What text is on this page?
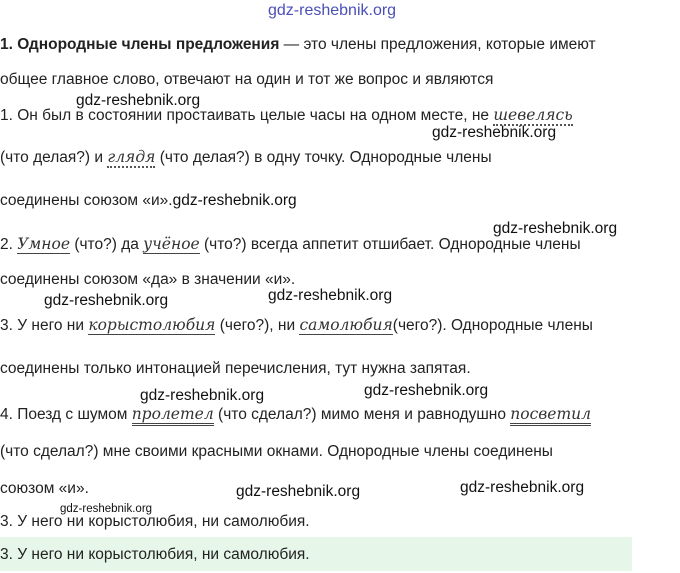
gdz-reshebnik.org
1. Однородные члены предложения — это члены предложения, которые имеют
общее главное слово, отвечают на один и тот же вопрос и являются
gdz-reshebnik.org
1. Он был в состоянии простаивать целые часы на одном месте, не шевелясь
gdz-reshebnik.org
(что делая?) и глядя (что делая?) в одну точку. Однородные члены
соединены союзом «и».gdz-reshebnik.org
gdz-reshebnik.org
2. Умное (что?) да учёное (что?) всегда аппетит отшибает. Однородные члены
соединены союзом «да» в значении «и».
gdz-reshebnik.org
gdz-reshebnik.org
3. У него ни корыстолюбия (чего?), ни самолюбия(чего?). Однородные члены
соединены только интонацией перечисления, тут нужна запятая.
gdz-reshebnik.org	gdz-reshebnik.org
4. Поезд с шумом пролетел (что сделал?) мимо меня и равнодушно посветил
(что сделал?) мне своими красными окнами. Однородные члены соединены
союзом «и».	gdz-reshebnik.org	gdz-reshebnik.org
gdz-reshebnik.org
3. У него ни корыстолюбия, ни самолюбия.
3. У него ни корыстолюбия, ни самолюбия.
